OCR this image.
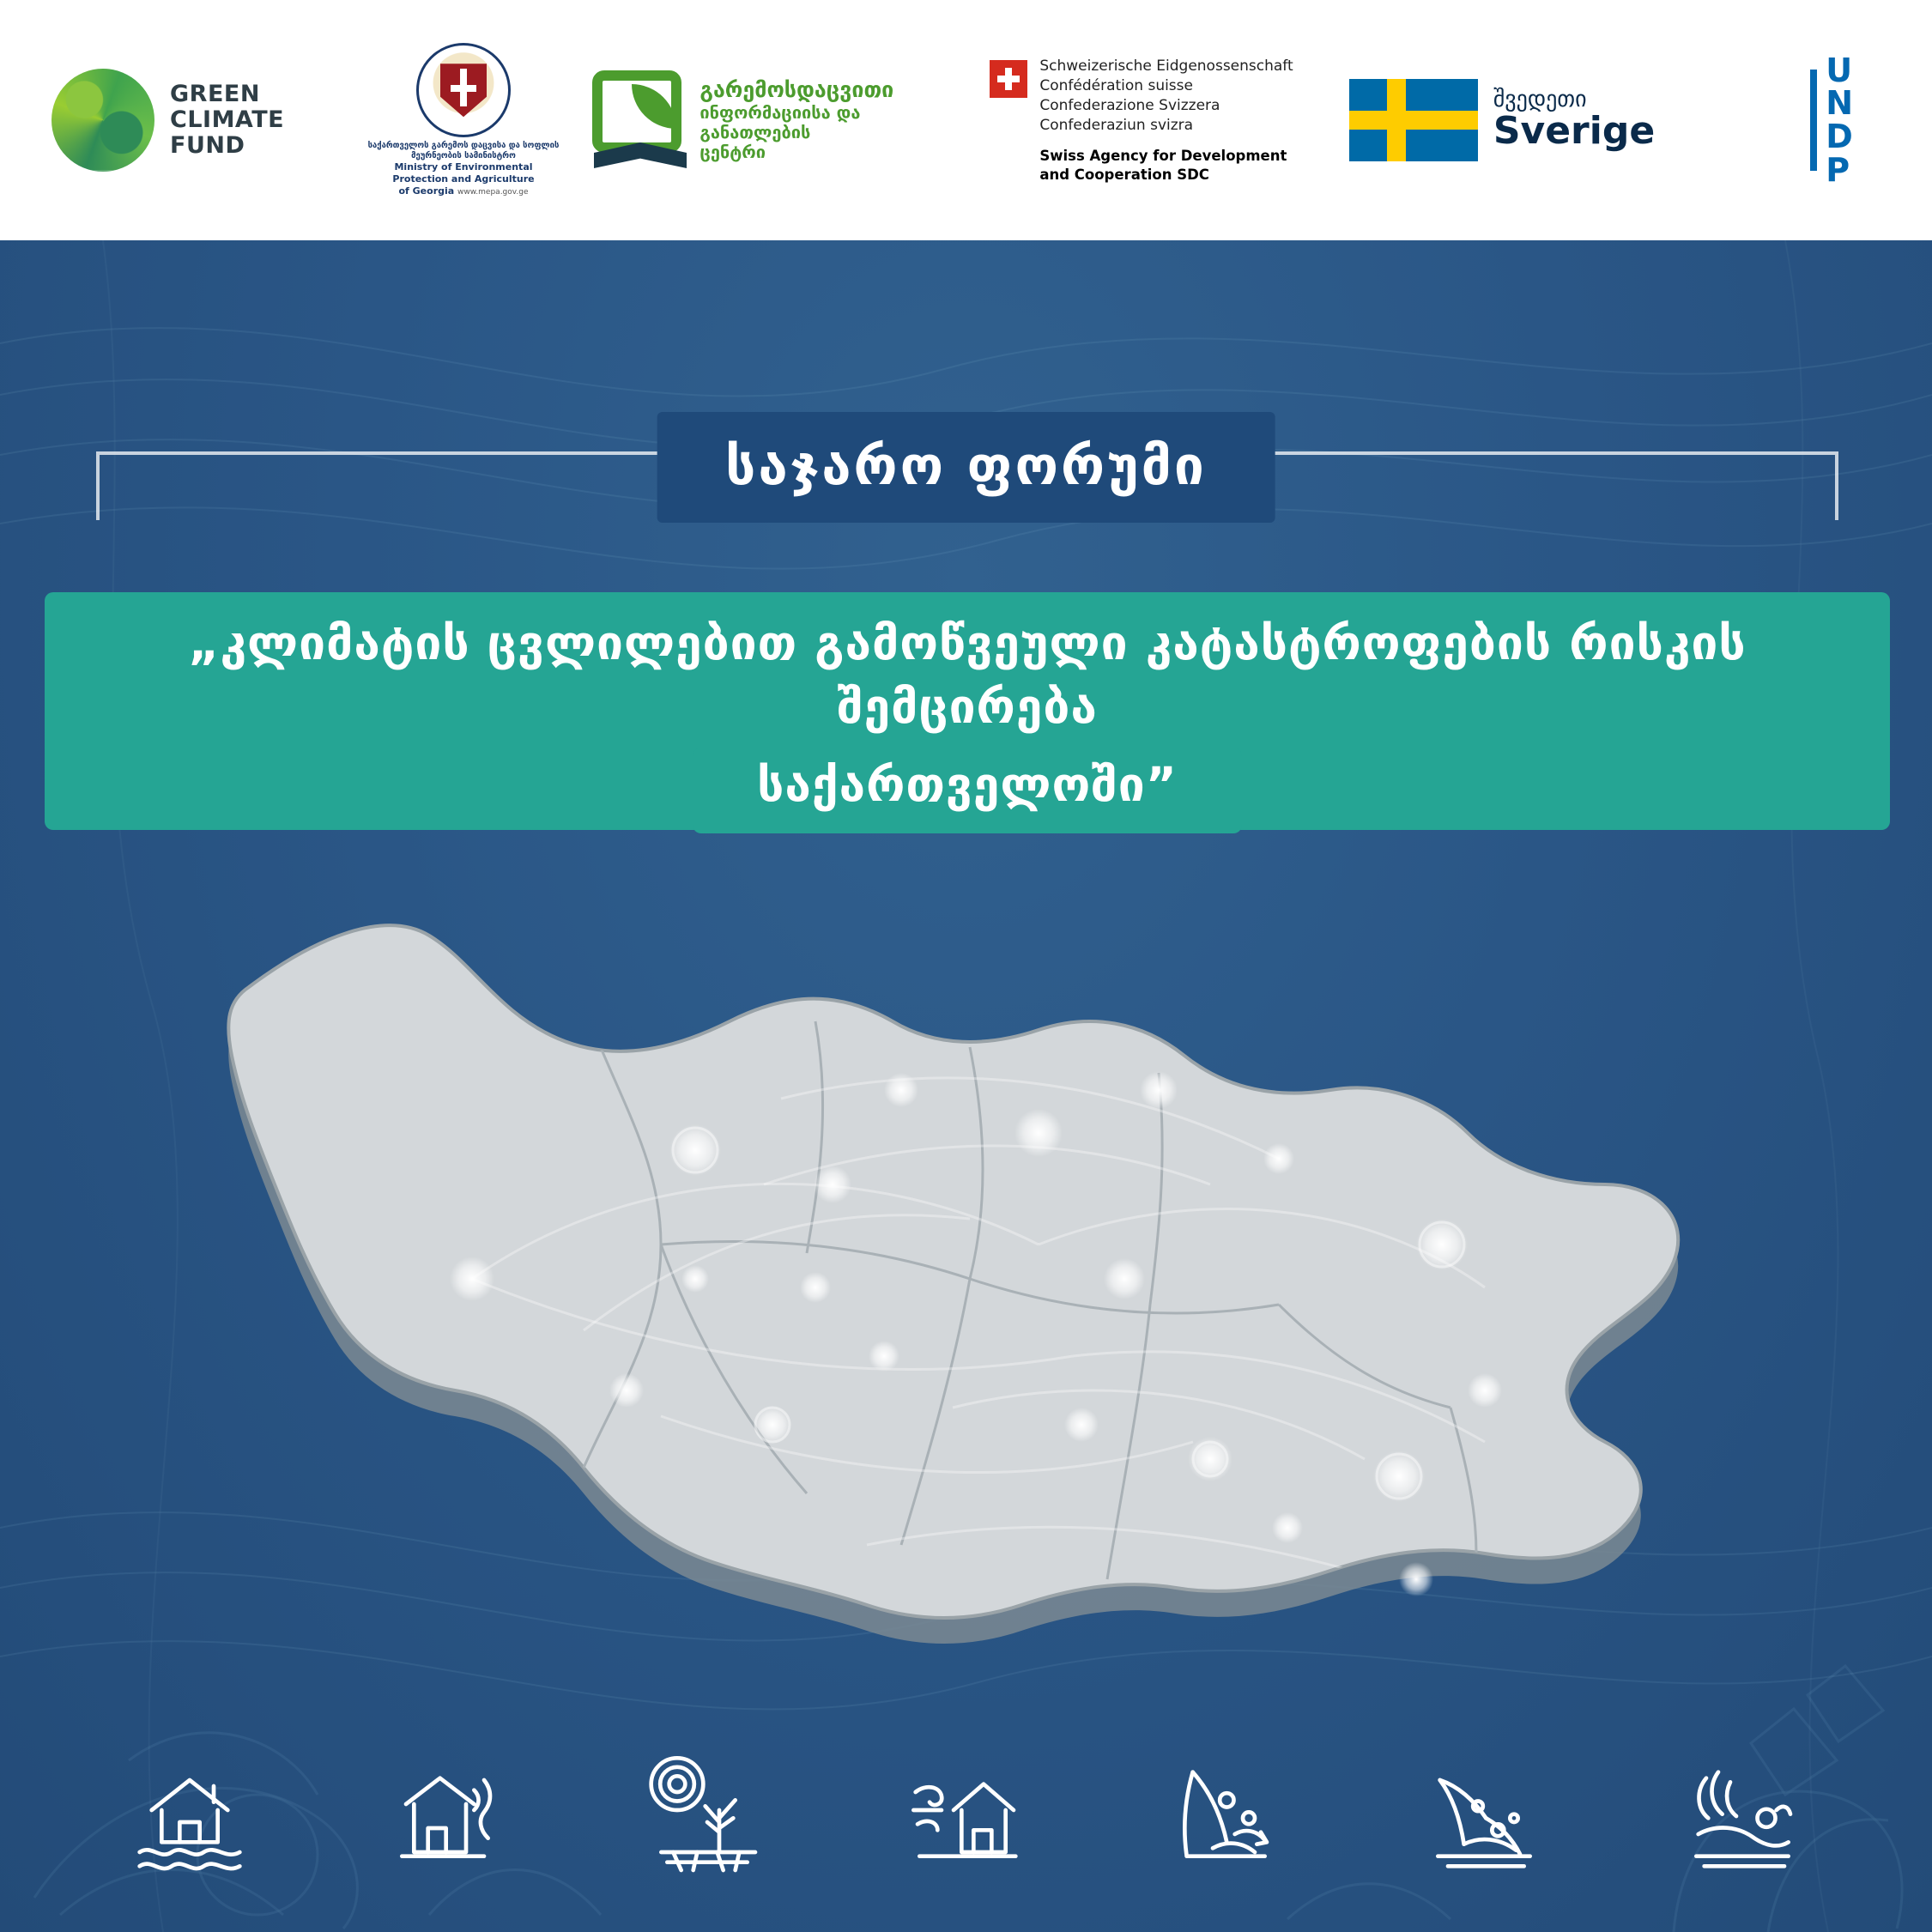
GREEN
CLIMATE
FUND	საქართველოს გარემოს დაცვისა და სოფლის მეურნეობის სამინისტრო
Ministry of Environmental
Protection and Agriculture
of Georgia www.mepa.gov.ge
გარემოსდაცვითი
ინფორმაციისა და განათლების
ცენტრი
Schweizerische Eidgenossenschaft
Confédération suisse
Confederazione Svizzera
Confederaziun svizra
Swiss Agency for Development
and Cooperation SDC
შვედეთი
Sverige
U
N
D
P
საჯარო ფორუმი
„კლიმატის ცვლილებით გამოწვეული კატასტროფების რისკის შემცირება
საქართველოში”
